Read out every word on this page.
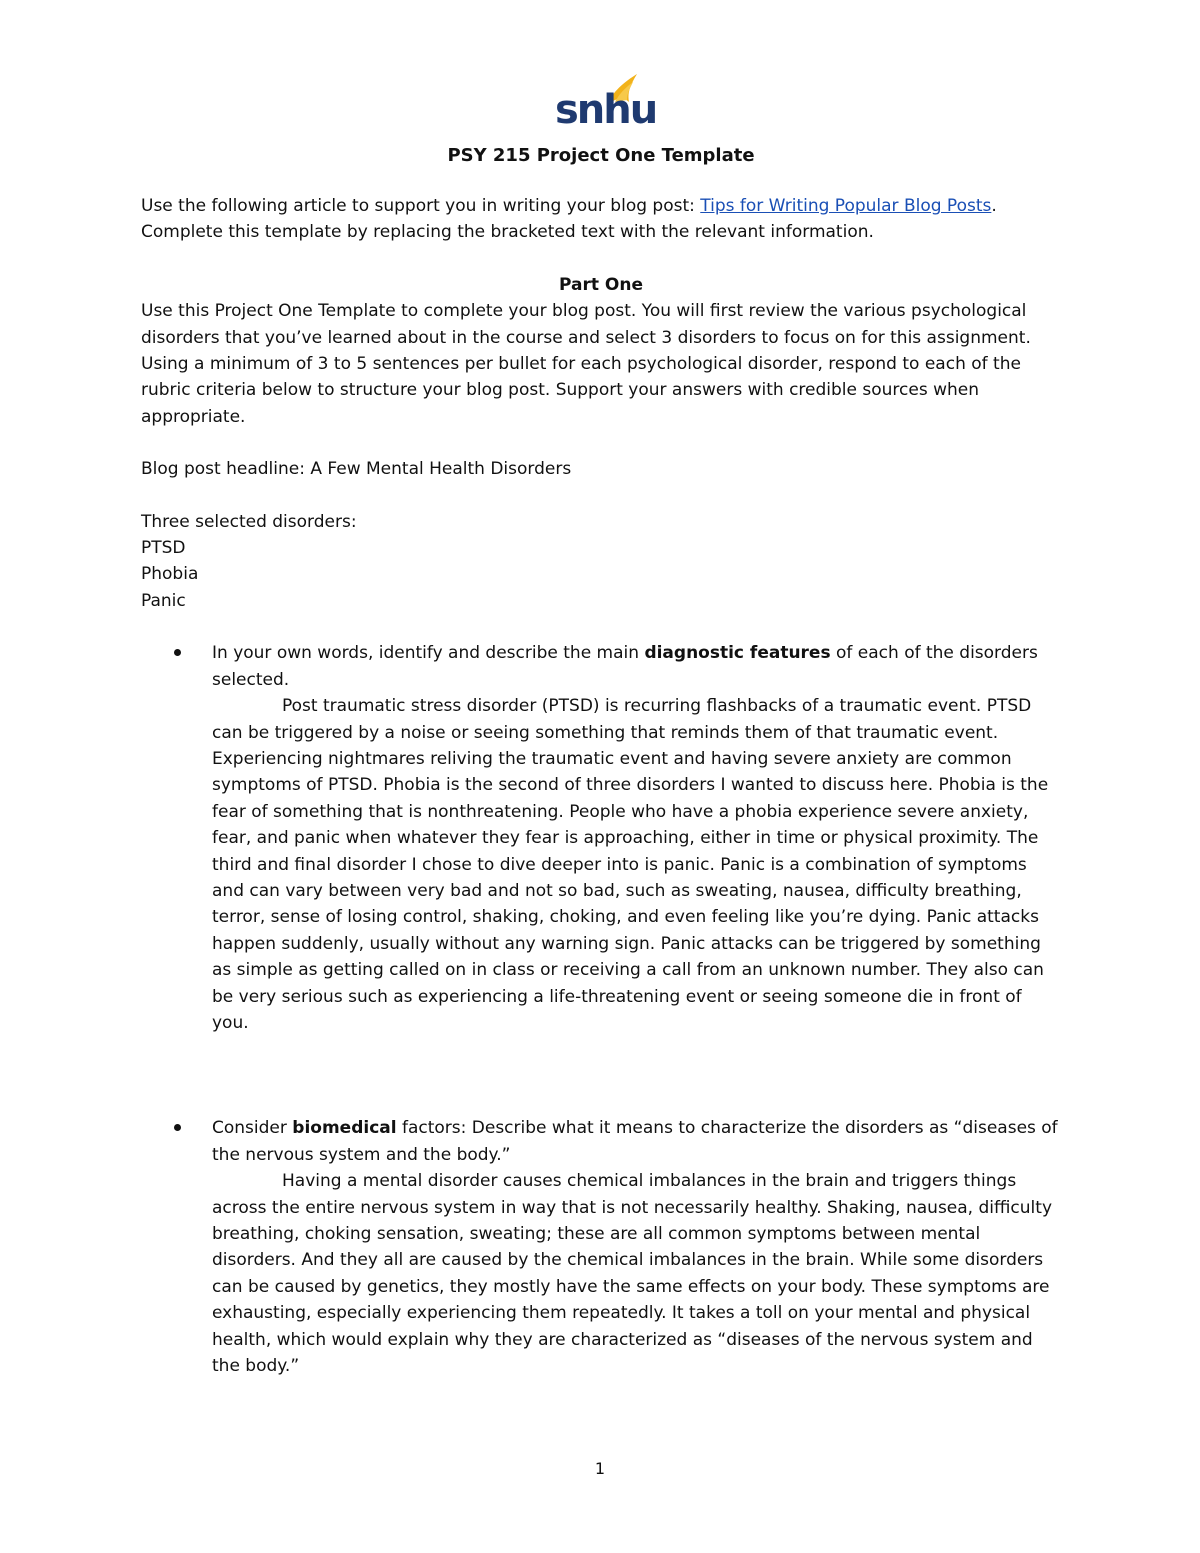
snhu
PSY 215 Project One Template

Use the following article to support you in writing your blog post: Tips for Writing Popular Blog Posts.
Complete this template by replacing the bracketed text with the relevant information.

Part One

Use this Project One Template to complete your blog post. You will first review the various psychological disorders that you’ve learned about in the course and select 3 disorders to focus on for this assignment. Using a minimum of 3 to 5 sentences per bullet for each psychological disorder, respond to each of the rubric criteria below to structure your blog post. Support your answers with credible sources when appropriate.

Blog post headline: A Few Mental Health Disorders

Three selected disorders:

PTSD

Phobia

Panic

In your own words, identify and describe the main diagnostic features of each of the disorders selected.

Post traumatic stress disorder (PTSD) is recurring flashbacks of a traumatic event. PTSD can be triggered by a noise or seeing something that reminds them of that traumatic event. Experiencing nightmares reliving the traumatic event and having severe anxiety are common symptoms of PTSD. Phobia is the second of three disorders I wanted to discuss here. Phobia is the fear of something that is nonthreatening. People who have a phobia experience severe anxiety, fear, and panic when whatever they fear is approaching, either in time or physical proximity. The third and final disorder I chose to dive deeper into is panic. Panic is a combination of symptoms and can vary between very bad and not so bad, such as sweating, nausea, difficulty breathing, terror, sense of losing control, shaking, choking, and even feeling like you’re dying. Panic attacks happen suddenly, usually without any warning sign. Panic attacks can be triggered by something as simple as getting called on in class or receiving a call from an unknown number. They also can be very serious such as experiencing a life-threatening event or seeing someone die in front of you.

Consider biomedical factors: Describe what it means to characterize the disorders as “diseases of the nervous system and the body.”

Having a mental disorder causes chemical imbalances in the brain and triggers things across the entire nervous system in way that is not necessarily healthy. Shaking, nausea, difficulty breathing, choking sensation, sweating; these are all common symptoms between mental disorders. And they all are caused by the chemical imbalances in the brain. While some disorders can be caused by genetics, they mostly have the same effects on your body. These symptoms are exhausting, especially experiencing them repeatedly. It takes a toll on your mental and physical health, which would explain why they are characterized as “diseases of the nervous system and the body.”

1
